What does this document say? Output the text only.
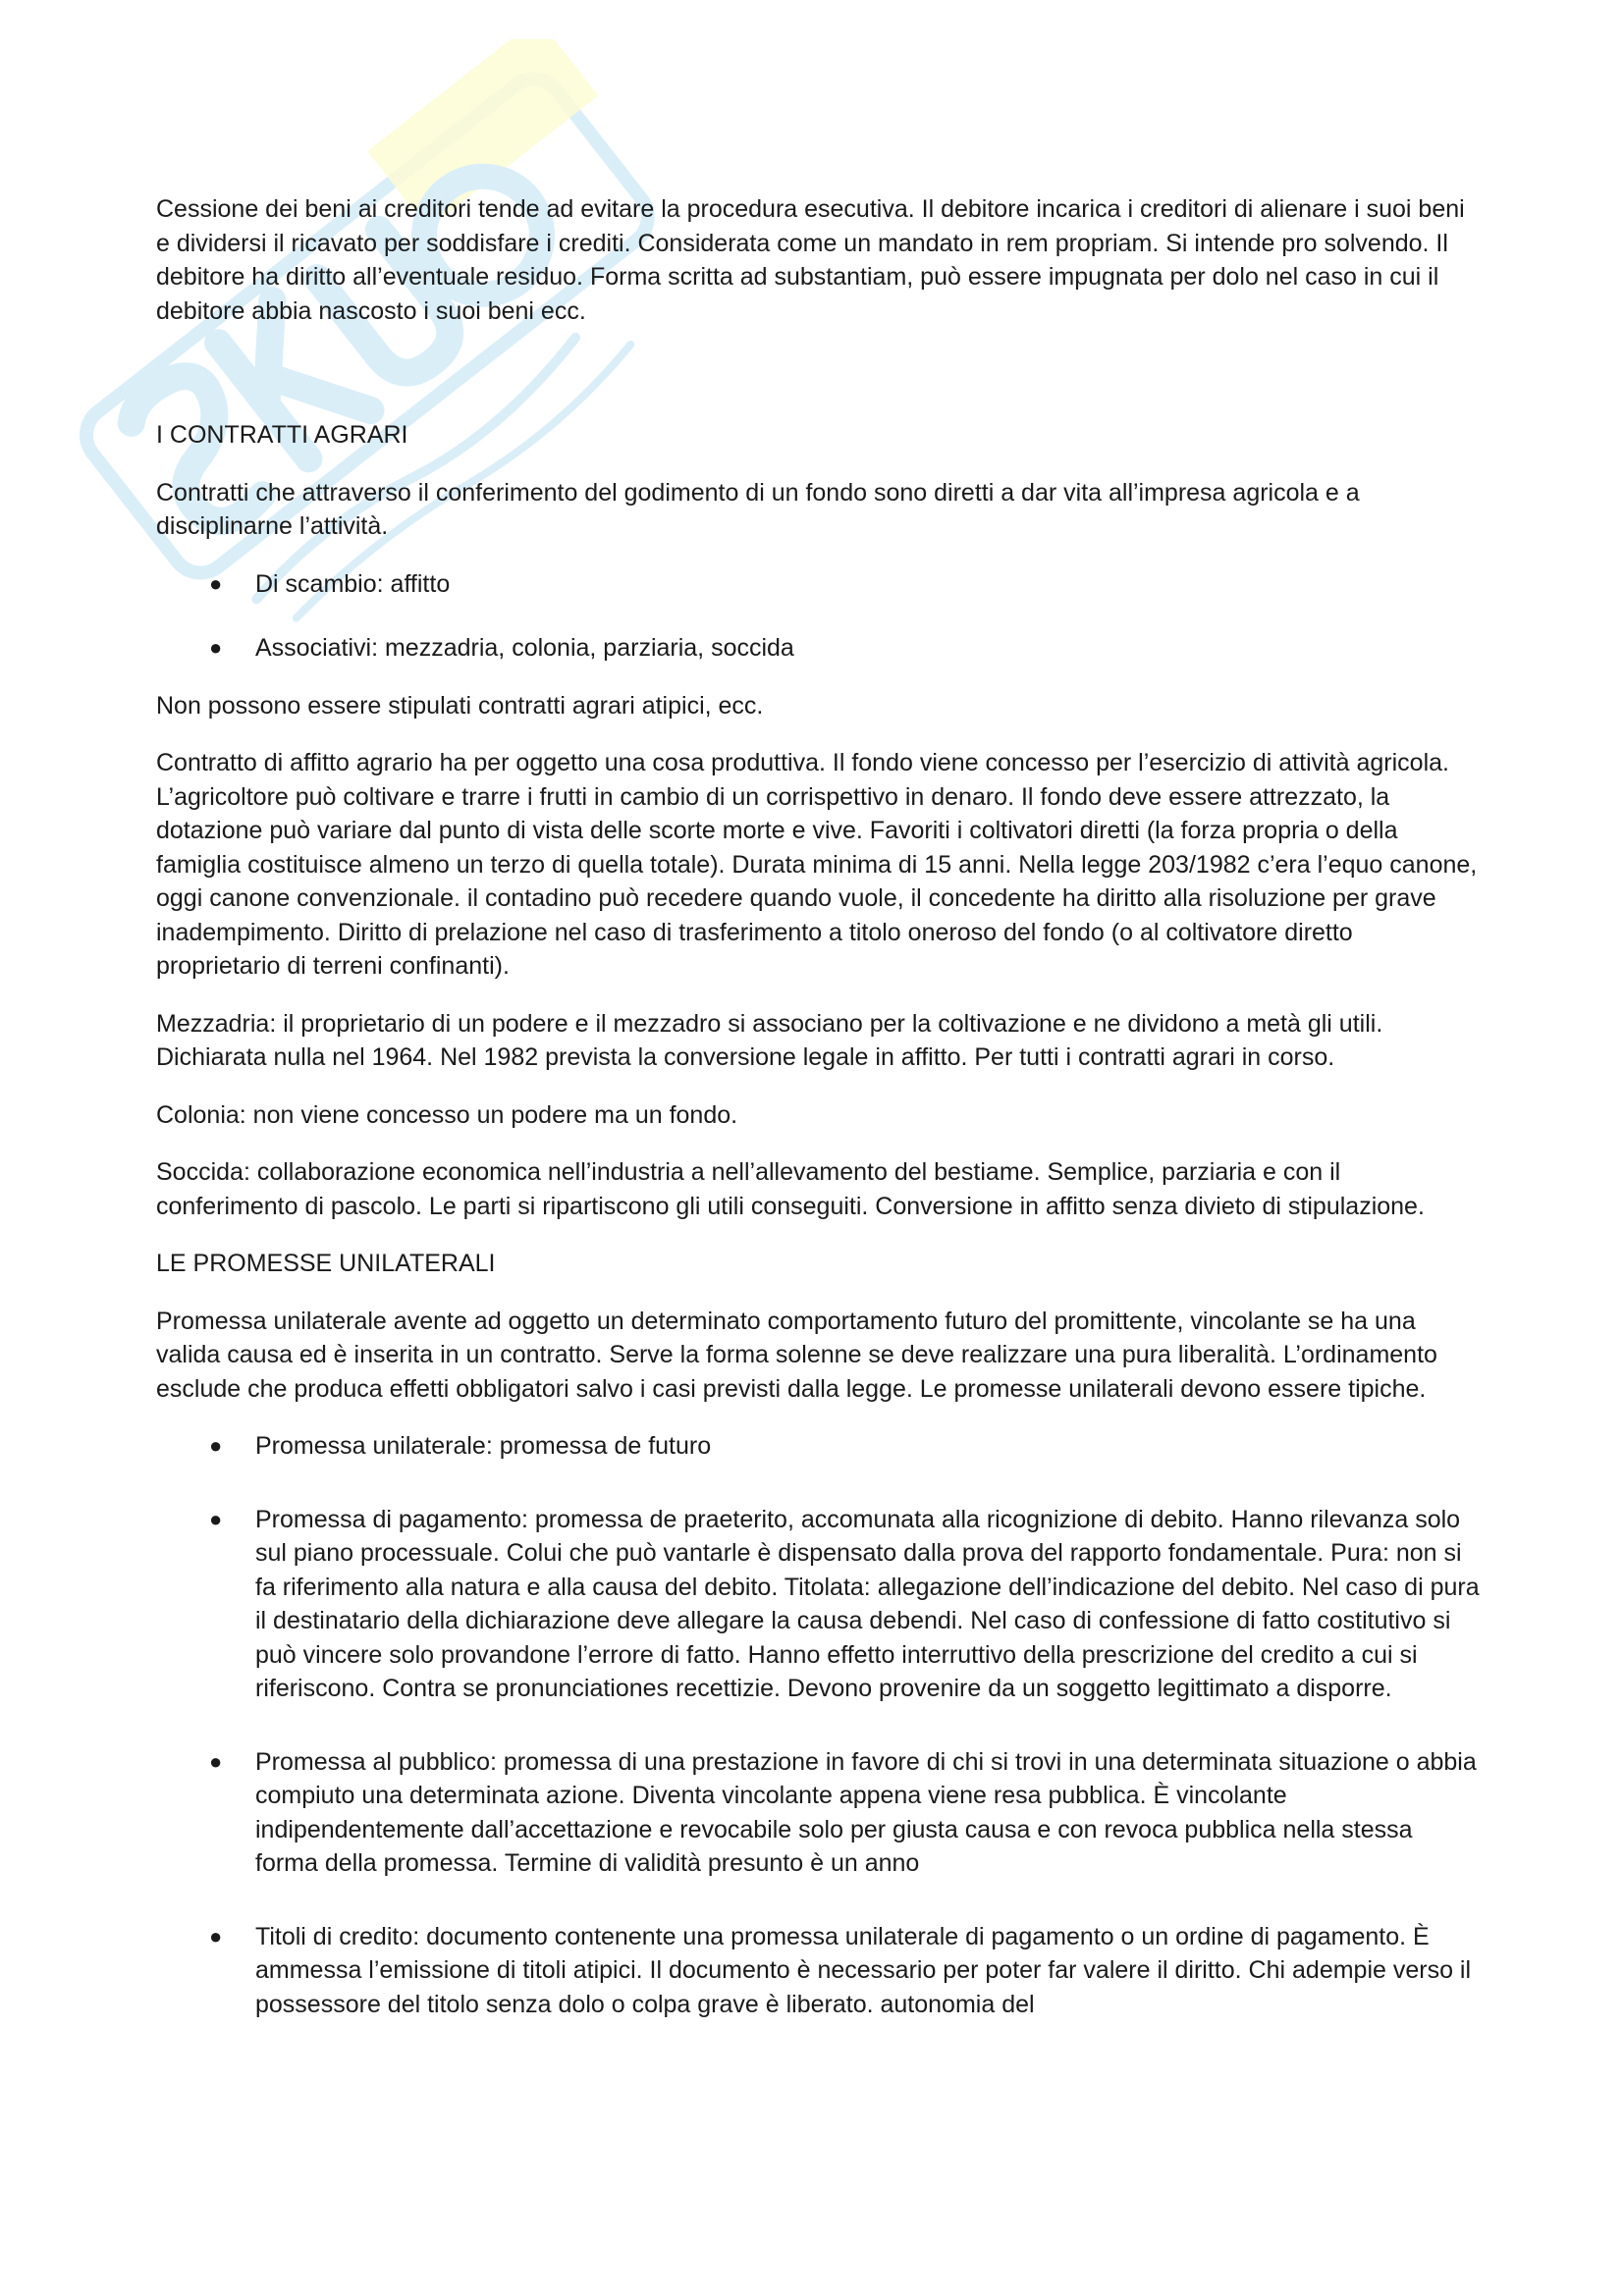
Cessione dei beni ai creditori tende ad evitare la procedura esecutiva. Il debitore incarica i creditori di alienare i suoi beni e dividersi il ricavato per soddisfare i crediti. Considerata come un mandato in rem propriam. Si intende pro solvendo. Il debitore ha diritto all’eventuale residuo. Forma scritta ad substantiam, può essere impugnata per dolo nel caso in cui il debitore abbia nascosto i suoi beni ecc.

I CONTRATTI AGRARI

Contratti che attraverso il conferimento del godimento di un fondo sono diretti a dar vita all’impresa agricola e a disciplinarne l’attività.

● Di scambio: affitto
● Associativi: mezzadria, colonia, parziaria, soccida

Non possono essere stipulati contratti agrari atipici, ecc.

Contratto di affitto agrario ha per oggetto una cosa produttiva. Il fondo viene concesso per l’esercizio di attività agricola. L’agricoltore può coltivare e trarre i frutti in cambio di un corrispettivo in denaro. Il fondo deve essere attrezzato, la dotazione può variare dal punto di vista delle scorte morte e vive. Favoriti i coltivatori diretti (la forza propria o della famiglia costituisce almeno un terzo di quella totale). Durata minima di 15 anni. Nella legge 203/1982 c’era l’equo canone, oggi canone convenzionale. il contadino può recedere quando vuole, il concedente ha diritto alla risoluzione per grave inadempimento. Diritto di prelazione nel caso di trasferimento a titolo oneroso del fondo (o al coltivatore diretto proprietario di terreni confinanti).

Mezzadria: il proprietario di un podere e il mezzadro si associano per la coltivazione e ne dividono a metà gli utili. Dichiarata nulla nel 1964. Nel 1982 prevista la conversione legale in affitto. Per tutti i contratti agrari in corso.

Colonia: non viene concesso un podere ma un fondo.

Soccida: collaborazione economica nell’industria a nell’allevamento del bestiame. Semplice, parziaria e con il conferimento di pascolo. Le parti si ripartiscono gli utili conseguiti. Conversione in affitto senza divieto di stipulazione.

LE PROMESSE UNILATERALI

Promessa unilaterale avente ad oggetto un determinato comportamento futuro del promittente, vincolante se ha una valida causa ed è inserita in un contratto. Serve la forma solenne se deve realizzare una pura liberalità. L’ordinamento esclude che produca effetti obbligatori salvo i casi previsti dalla legge. Le promesse unilaterali devono essere tipiche.

● Promessa unilaterale: promessa de futuro
● Promessa di pagamento: promessa de praeterito, accomunata alla ricognizione di debito. Hanno rilevanza solo sul piano processuale. Colui che può vantarle è dispensato dalla prova del rapporto fondamentale. Pura: non si fa riferimento alla natura e alla causa del debito. Titolata: allegazione dell’indicazione del debito. Nel caso di pura il destinatario della dichiarazione deve allegare la causa debendi. Nel caso di confessione di fatto costitutivo si può vincere solo provandone l’errore di fatto. Hanno effetto interruttivo della prescrizione del credito a cui si riferiscono. Contra se pronunciationes recettizie. Devono provenire da un soggetto legittimato a disporre.
● Promessa al pubblico: promessa di una prestazione in favore di chi si trovi in una determinata situazione o abbia compiuto una determinata azione. Diventa vincolante appena viene resa pubblica. È vincolante indipendentemente dall’accettazione e revocabile solo per giusta causa e con revoca pubblica nella stessa forma della promessa. Termine di validità presunto è un anno
● Titoli di credito: documento contenente una promessa unilaterale di pagamento o un ordine di pagamento. È ammessa l’emissione di titoli atipici. Il documento è necessario per poter far valere il diritto. Chi adempie verso il possessore del titolo senza dolo o colpa grave è liberato. autonomia del
